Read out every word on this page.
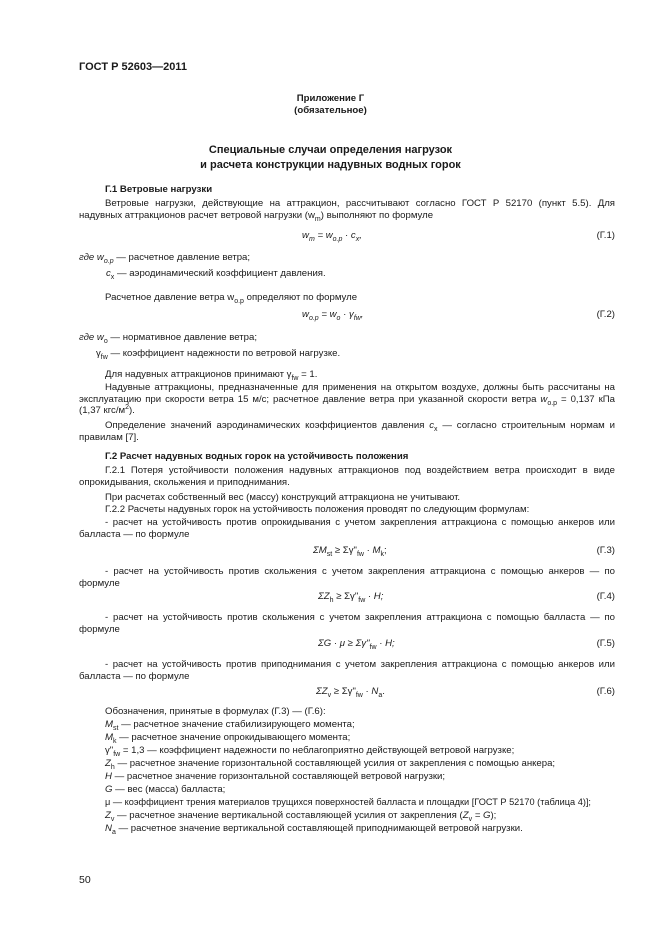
ГОСТ Р 52603—2011
Приложение Г
(обязательное)
Специальные случаи определения нагрузок
и расчета конструкции надувных водных горок
Г.1 Ветровые нагрузки
Ветровые нагрузки, действующие на аттракцион, рассчитывают согласно ГОСТ Р 52170 (пункт 5.5). Для надувных аттракционов расчет ветровой нагрузки $(w_m)$ выполняют по формуле
$w_m = w_{o.p} \cdot c_x$,	(Г.1)
где $w_{o.p}$ — расчетное давление ветра;
$c_x$ — аэродинамический коэффициент давления.
Расчетное давление ветра $w_{o.p}$ определяют по формуле
$w_{o.p} = w_o \cdot \gamma_{fw}$,	(Г.2)
где $w_o$ — нормативное давление ветра;
$\gamma_{fw}$ — коэффициент надежности по ветровой нагрузке.
Для надувных аттракционов принимают $\gamma_{fw} = 1$.
Надувные аттракционы, предназначенные для применения на открытом воздухе, должны быть рассчитаны на эксплуатацию при скорости ветра 15 м/с; расчетное давление ветра при указанной скорости ветра $w_{o.p} = 0,137$ кПа (1,37 кгс/$м^2$).
Определение значений аэродинамических коэффициентов давления $c_x$ — согласно строительным нормам и правилам [7].
Г.2 Расчет надувных водных горок на устойчивость положения
Г.2.1 Потеря устойчивости положения надувных аттракционов под воздействием ветра происходит в виде опрокидывания, скольжения и приподнимания.
При расчетах собственный вес (массу) конструкций аттракциона не учитывают.
Г.2.2 Расчеты надувных горок на устойчивость положения проводят по следующим формулам:
- расчет на устойчивость против опрокидывания с учетом закрепления аттракциона с помощью анкеров или балласта — по формуле
$\Sigma M_{st}$ ≥ $\Sigma\gamma"_{fw} \cdot M_k$;	(Г.3)
- расчет на устойчивость против скольжения с учетом закрепления аттракциона с помощью анкеров — по формуле
$\Sigma Z_h$ ≥ $\Sigma\gamma"_{fw} \cdot H$;	(Г.4)
- расчет на устойчивость против скольжения с учетом закрепления аттракциона с помощью балласта — по формуле
$\Sigma G \cdot \mu \ge \Sigma\gamma"_{fw} \cdot H$;	(Г.5)
- расчет на устойчивость против приподнимания с учетом закрепления аттракциона с помощью анкеров или балласта — по формуле
$\Sigma Z_v$ ≥ $\Sigma\gamma"_{fw} \cdot N_a$.	(Г.6)
Обозначения, принятые в формулах (Г.3) — (Г.6):
$M_{st}$ — расчетное значение стабилизирующего момента;
$M_k$ — расчетное значение опрокидывающего момента;
$\gamma"_{fw} = 1,3$ — коэффициент надежности по неблагоприятно действующей ветровой нагрузке;
$Z_h$ — расчетное значение горизонтальной составляющей усилия от закрепления с помощью анкера;
H — расчетное значение горизонтальной составляющей ветровой нагрузки;
G — вес (масса) балласта;
μ — коэффициент трения материалов трущихся поверхностей балласта и площадки [ГОСТ Р 52170 (таблица 4)];
$Z_v$ — расчетное значение вертикальной составляющей усилия от закрепления $(Z_v = G)$;
$N_a$ — расчетное значение вертикальной составляющей приподнимающей ветровой нагрузки.
50
